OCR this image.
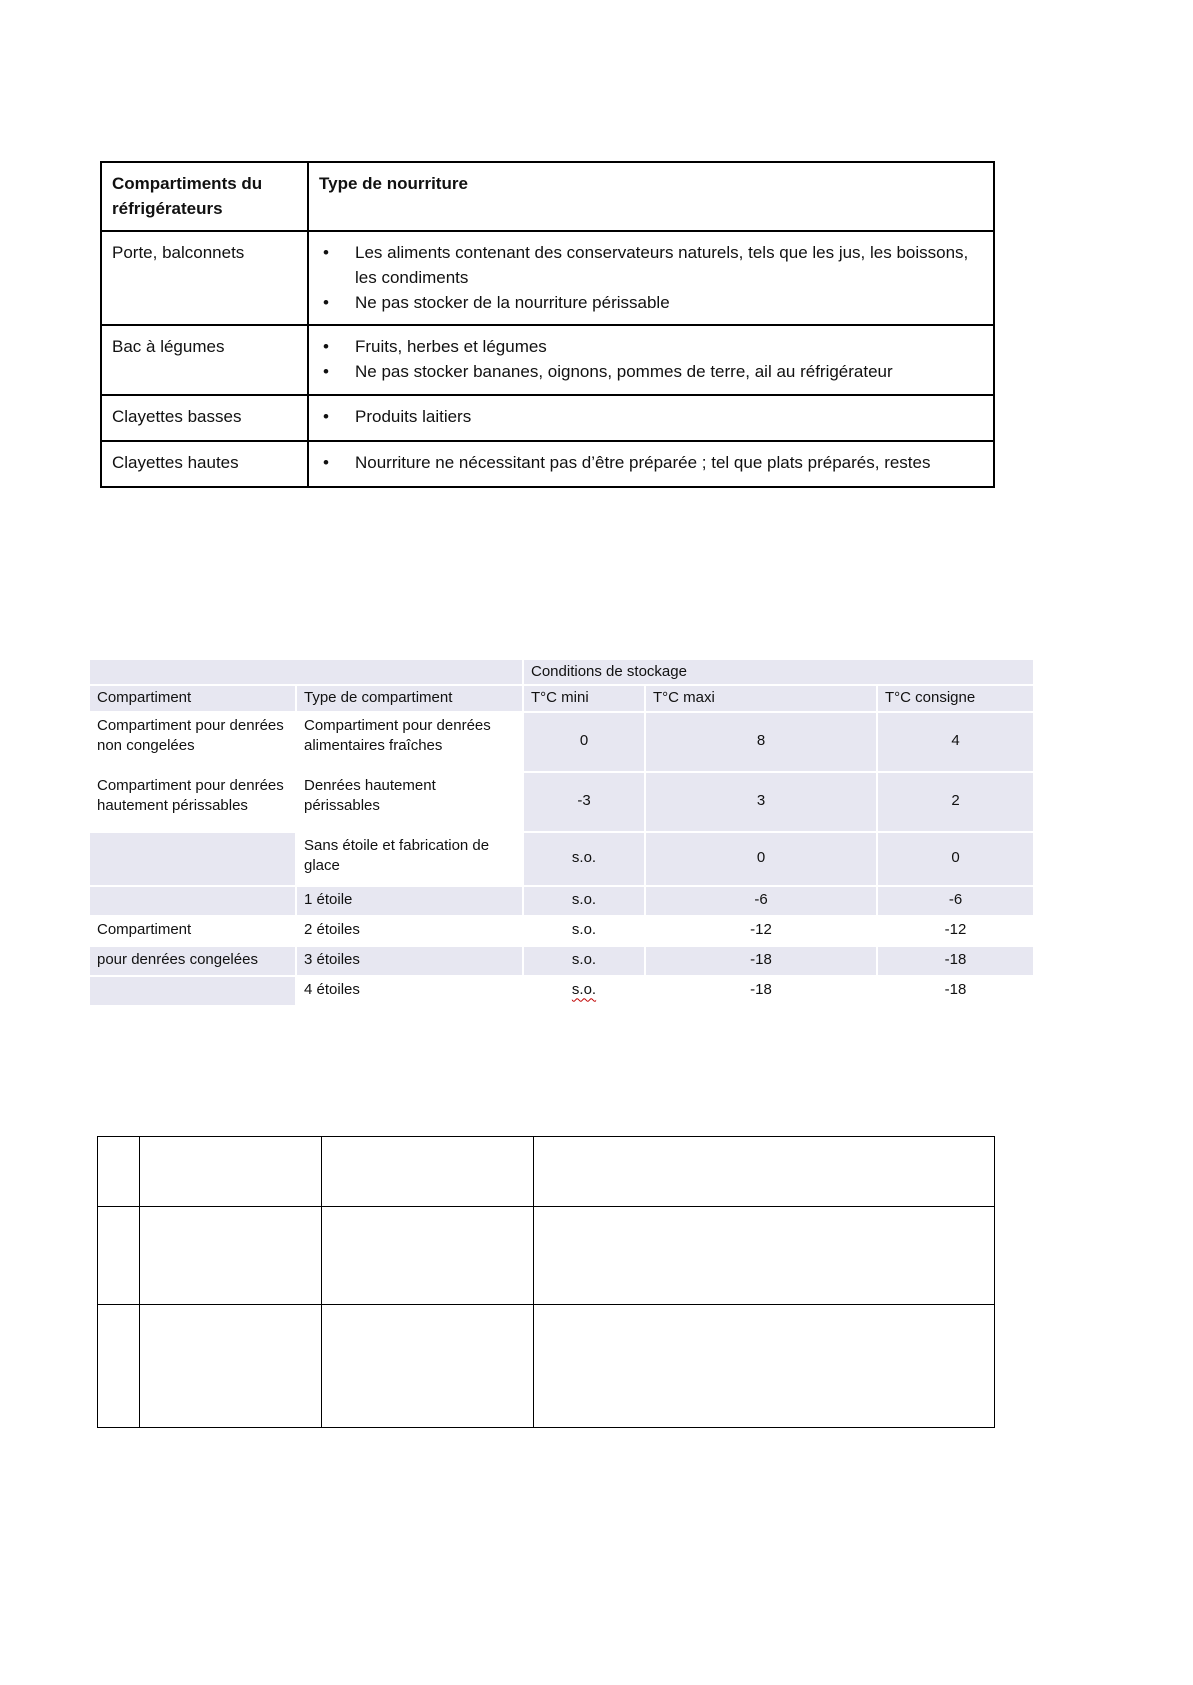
Compartiments du réfrigérateurs	Type de nourriture
Porte, balconnets	• Les aliments contenant des conservateurs naturels, tels que les jus, les boissons, les condiments
• Ne pas stocker de la nourriture périssable

Bac à légumes	• Fruits, herbes et légumes
• Ne pas stocker bananes, oignons, pommes de terre, ail au réfrigérateur

Clayettes basses	• Produits laitiers

Clayettes hautes	• Nourriture ne nécessitant pas d’être préparée ; tel que plats préparés, restes
		Conditions de stockage		
Compartiment	Type de compartiment	T°C mini	T°C maxi	T°C consigne
Compartiment pour denrées non congelées	Compartiment pour denrées alimentaires fraîches	0	8	4
Compartiment pour denrées hautement périssables	Denrées hautement périssables	-3	3	2
	Sans étoile et fabrication de glace	s.o.	0	0
	1 étoile	s.o.	-6	-6
Compartiment	2 étoiles	s.o.	-12	-12
pour denrées congelées	3 étoiles	s.o.	-18	-18
	4 étoiles	s.o.	-18	-18
